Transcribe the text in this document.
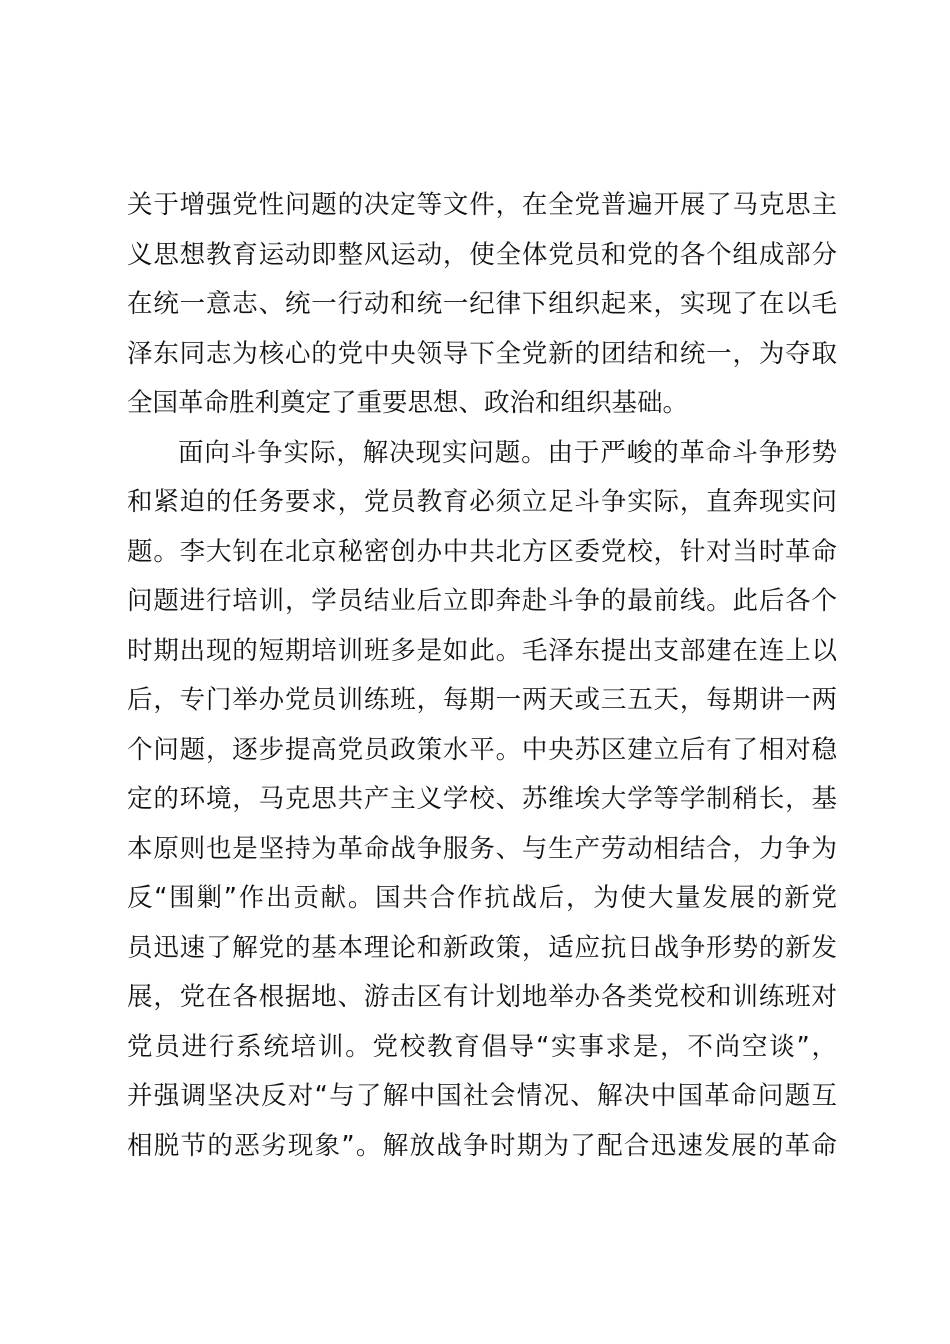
关于增强党性问题的决定等文件，在全党普遍开展了马克思主
义思想教育运动即整风运动，使全体党员和党的各个组成部分
在统一意志、统一行动和统一纪律下组织起来，实现了在以毛
泽东同志为核心的党中央领导下全党新的团结和统一，为夺取
全国革命胜利奠定了重要思想、政治和组织基础。
面向斗争实际，解决现实问题。由于严峻的革命斗争形势
和紧迫的任务要求，党员教育必须立足斗争实际，直奔现实问
题。李大钊在北京秘密创办中共北方区委党校，针对当时革命
问题进行培训，学员结业后立即奔赴斗争的最前线。此后各个
时期出现的短期培训班多是如此。毛泽东提出支部建在连上以
后，专门举办党员训练班，每期一两天或三五天，每期讲一两
个问题，逐步提高党员政策水平。中央苏区建立后有了相对稳
定的环境，马克思共产主义学校、苏维埃大学等学制稍长，基
本原则也是坚持为革命战争服务、与生产劳动相结合，力争为
反“围剿”作出贡献。国共合作抗战后，为使大量发展的新党
员迅速了解党的基本理论和新政策，适应抗日战争形势的新发
展，党在各根据地、游击区有计划地举办各类党校和训练班对
党员进行系统培训。党校教育倡导“实事求是，不尚空谈”，
并强调坚决反对“与了解中国社会情况、解决中国革命问题互
相脱节的恶劣现象”。解放战争时期为了配合迅速发展的革命
